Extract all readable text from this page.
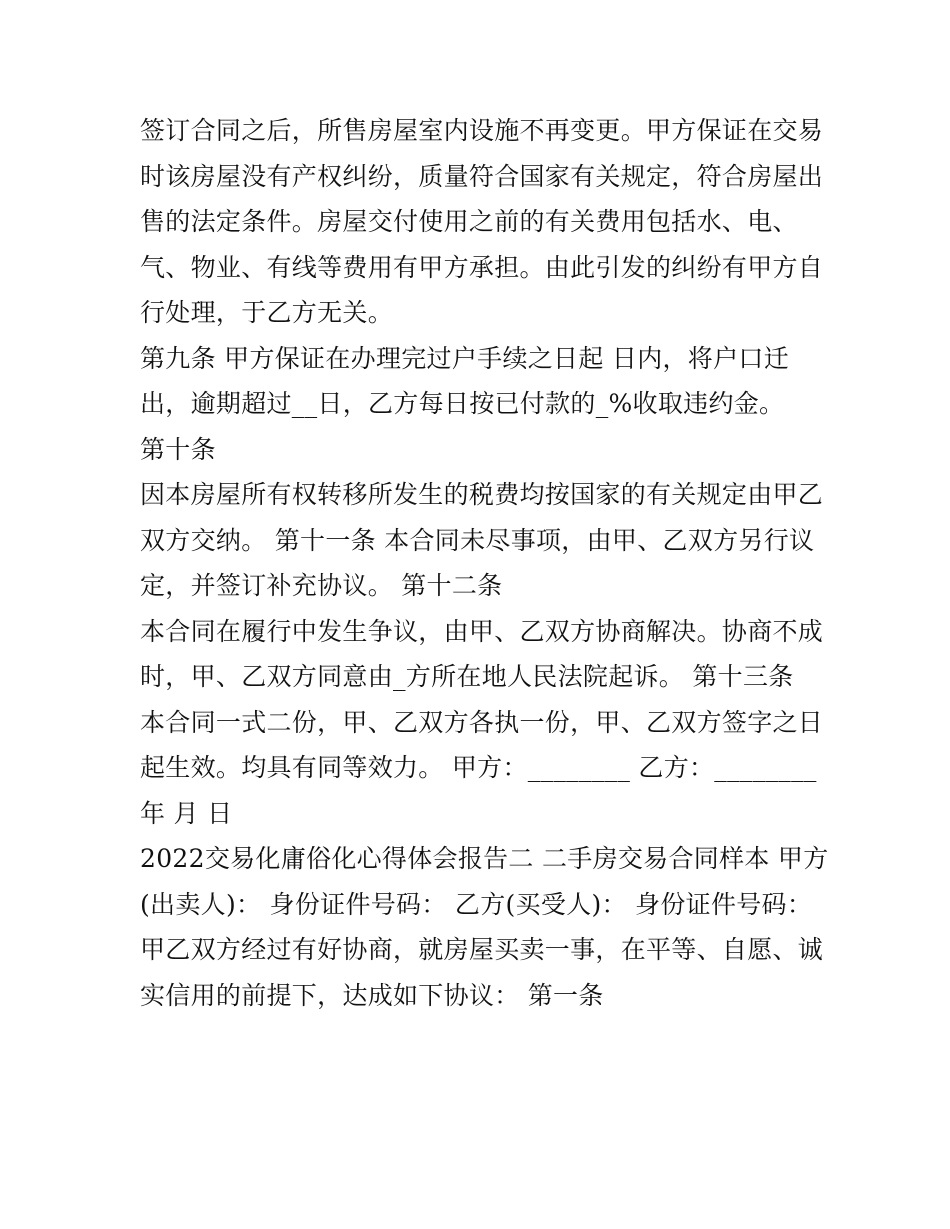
签订合同之后，所售房屋室内设施不再变更。甲方保证在交易
时该房屋没有产权纠纷，质量符合国家有关规定，符合房屋出
售的法定条件。房屋交付使用之前的有关费用包括水、电、
气、物业、有线等费用有甲方承担。由此引发的纠纷有甲方自
行处理，于乙方无关。
第九条 甲方保证在办理完过户手续之日起 日内，将户口迁
出，逾期超过__日，乙方每日按已付款的_%收取违约金。
第十条
因本房屋所有权转移所发生的税费均按国家的有关规定由甲乙
双方交纳。 第十一条 本合同未尽事项，由甲、乙双方另行议
定，并签订补充协议。 第十二条
本合同在履行中发生争议，由甲、乙双方协商解决。协商不成
时，甲、乙双方同意由_方所在地人民法院起诉。 第十三条
本合同一式二份，甲、乙双方各执一份，甲、乙双方签字之日
起生效。均具有同等效力。 甲方：________ 乙方：________
年 月 日
2022交易化庸俗化心得体会报告二 二手房交易合同样本 甲方
(出卖人)： 身份证件号码： 乙方(买受人)： 身份证件号码：
甲乙双方经过有好协商，就房屋买卖一事，在平等、自愿、诚
实信用的前提下，达成如下协议： 第一条
